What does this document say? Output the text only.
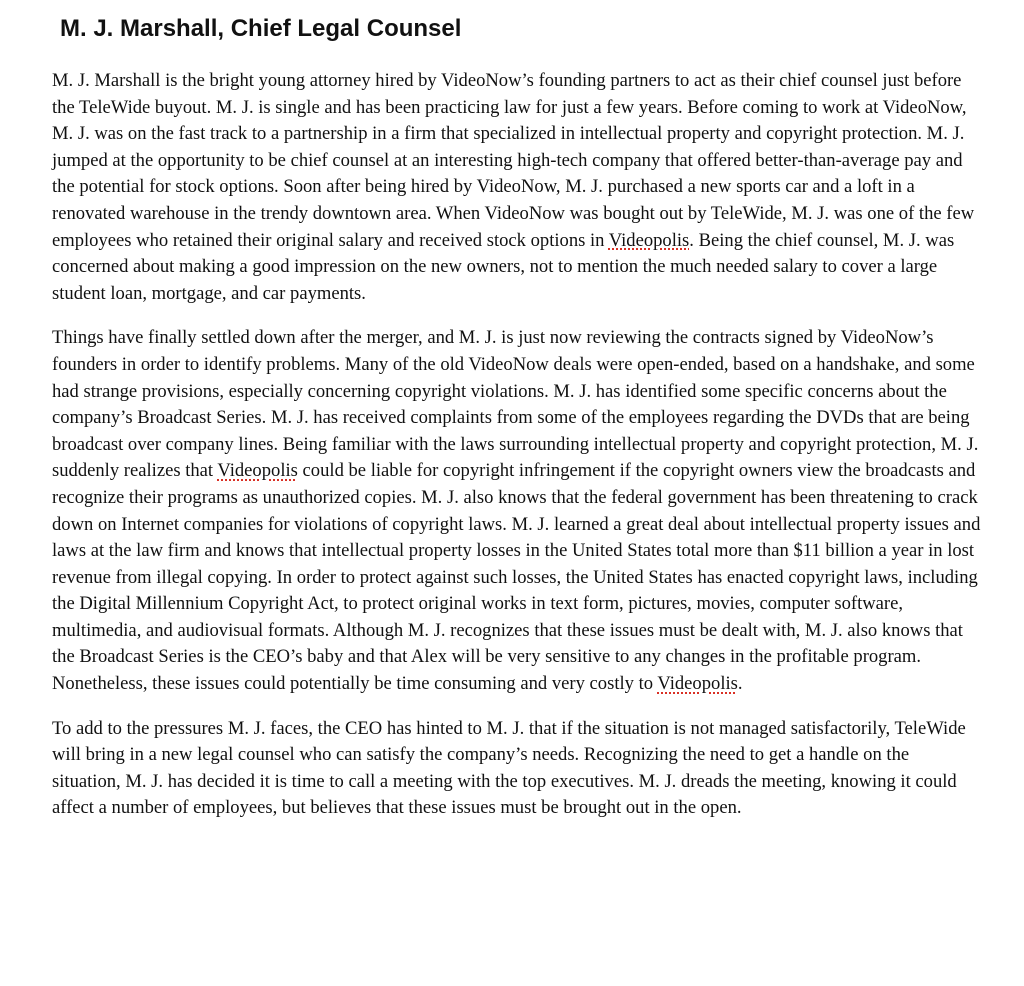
M. J. Marshall, Chief Legal Counsel

M. J. Marshall is the bright young attorney hired by VideoNow’s founding partners to act as their chief counsel just before the TeleWide buyout. M. J. is single and has been practicing law for just a few years. Before coming to work at VideoNow, M. J. was on the fast track to a partnership in a firm that specialized in intellectual property and copyright protection. M. J. jumped at the opportunity to be chief counsel at an interesting high-tech company that offered better-than-average pay and the potential for stock options. Soon after being hired by VideoNow, M. J. purchased a new sports car and a loft in a renovated warehouse in the trendy downtown area. When VideoNow was bought out by TeleWide, M. J. was one of the few employees who retained their original salary and received stock options in Videopolis. Being the chief counsel, M. J. was concerned about making a good impression on the new owners, not to mention the much needed salary to cover a large student loan, mortgage, and car payments.

Things have finally settled down after the merger, and M. J. is just now reviewing the contracts signed by VideoNow’s founders in order to identify problems. Many of the old VideoNow deals were open-ended, based on a handshake, and some had strange provisions, especially concerning copyright violations. M. J. has identified some specific concerns about the company’s Broadcast Series. M. J. has received complaints from some of the employees regarding the DVDs that are being broadcast over company lines. Being familiar with the laws surrounding intellectual property and copyright protection, M. J. suddenly realizes that Videopolis could be liable for copyright infringement if the copyright owners view the broadcasts and recognize their programs as unauthorized copies. M. J. also knows that the federal government has been threatening to crack down on Internet companies for violations of copyright laws. M. J. learned a great deal about intellectual property issues and laws at the law firm and knows that intellectual property losses in the United States total more than $11 billion a year in lost revenue from illegal copying. In order to protect against such losses, the United States has enacted copyright laws, including the Digital Millennium Copyright Act, to protect original works in text form, pictures, movies, computer software, multimedia, and audiovisual formats. Although M. J. recognizes that these issues must be dealt with, M. J. also knows that the Broadcast Series is the CEO’s baby and that Alex will be very sensitive to any changes in the profitable program. Nonetheless, these issues could potentially be time consuming and very costly to Videopolis.

To add to the pressures M. J. faces, the CEO has hinted to M. J. that if the situation is not managed satisfactorily, TeleWide will bring in a new legal counsel who can satisfy the company’s needs. Recognizing the need to get a handle on the situation, M. J. has decided it is time to call a meeting with the top executives. M. J. dreads the meeting, knowing it could affect a number of employees, but believes that these issues must be brought out in the open.
